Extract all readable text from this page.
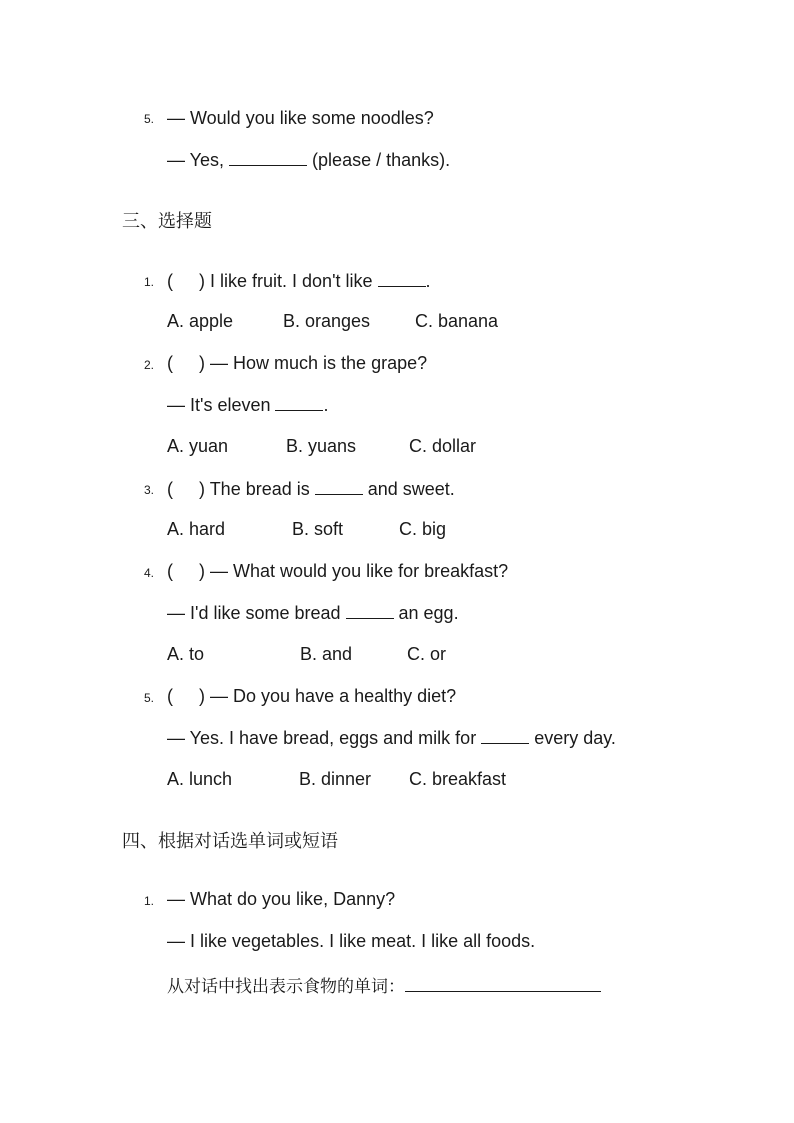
5. — Would you like some noodles?
— Yes,	(please / thanks).
三、选择题
1. ( ) I like fruit. I don't like	.
A. apple	B. oranges C. banana
2. ( ) — How much is the grape?
— It's eleven	.
A. yuan	B. yuans	C. dollar
3. ( ) The bread is	and sweet.
A. hard	B. soft	C. big
4. ( ) — What would you like for breakfast?
— I'd like some bread	an egg.
A. to	B. and	C. or
5. ( ) — Do you have a healthy diet?
— Yes. I have bread, eggs and milk for	every day.
A. lunch	B. dinner C. breakfast
四、根据对话选单词或短语
1. — What do you like, Danny?
— I like vegetables. I like meat. I like all foods.
从对话中找出表示食物的单词：
